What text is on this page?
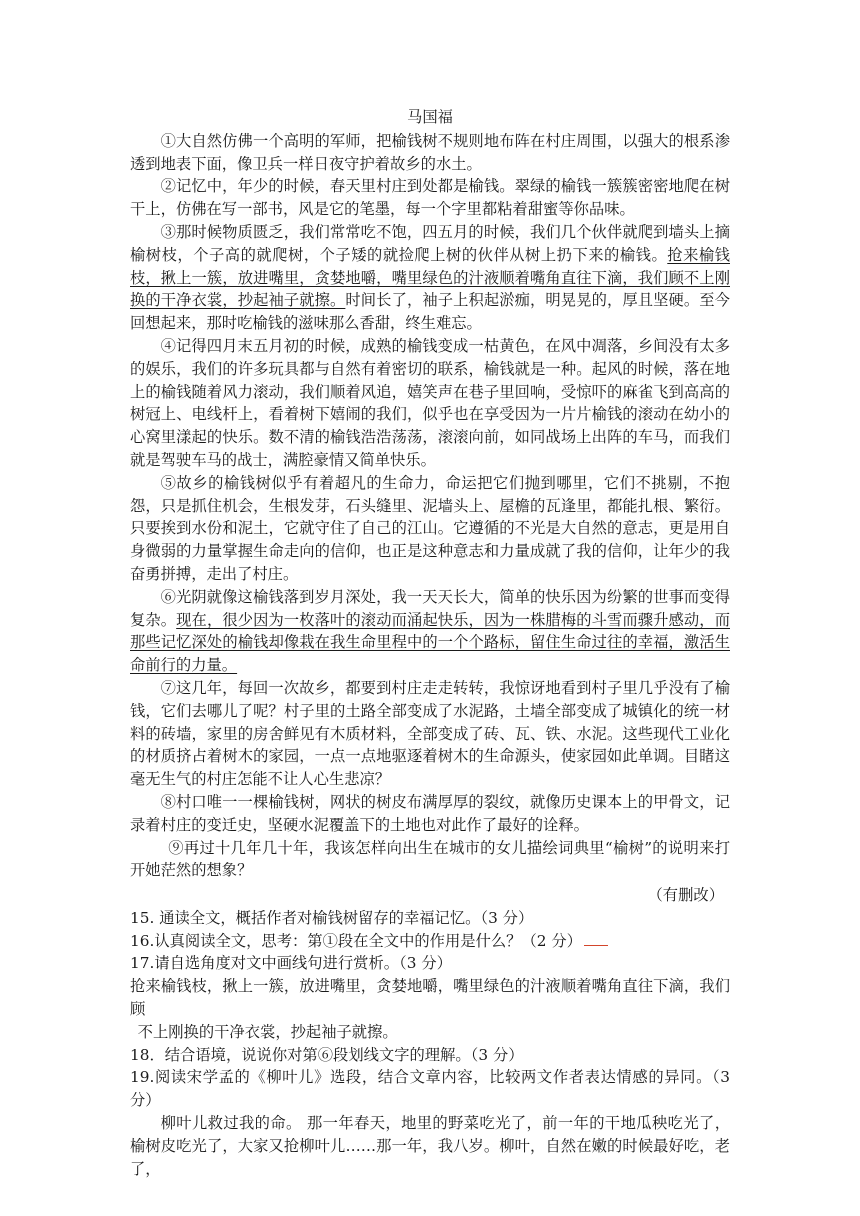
马国福

①大自然仿佛一个高明的军师，把榆钱树不规则地布阵在村庄周围，以强大的根系渗透到地表下面，像卫兵一样日夜守护着故乡的水土。

②记忆中，年少的时候，春天里村庄到处都是榆钱。翠绿的榆钱一簇簇密密地爬在树干上，仿佛在写一部书，风是它的笔墨，每一个字里都粘着甜蜜等你品味。

③那时候物质匮乏，我们常常吃不饱，四五月的时候，我们几个伙伴就爬到墙头上摘榆树枝，个子高的就爬树，个子矮的就捡爬上树的伙伴从树上扔下来的榆钱。抢来榆钱枝，揪上一簇，放进嘴里，贪婪地嚼，嘴里绿色的汁液顺着嘴角直往下滴，我们顾不上刚换的干净衣裳，抄起袖子就擦。时间长了，袖子上积起淤痂，明晃晃的，厚且坚硬。至今回想起来，那时吃榆钱的滋味那么香甜，终生难忘。

④记得四月末五月初的时候，成熟的榆钱变成一枯黄色，在风中凋落，乡间没有太多的娱乐，我们的许多玩具都与自然有着密切的联系，榆钱就是一种。起风的时候，落在地上的榆钱随着风力滚动，我们顺着风追，嬉笑声在巷子里回响，受惊吓的麻雀飞到高高的树冠上、电线杆上，看着树下嬉闹的我们，似乎也在享受因为一片片榆钱的滚动在幼小的心窝里漾起的快乐。数不清的榆钱浩浩荡荡，滚滚向前，如同战场上出阵的车马，而我们就是驾驶车马的战士，满腔豪情又简单快乐。

⑤故乡的榆钱树似乎有着超凡的生命力，命运把它们抛到哪里，它们不挑剔，不抱怨，只是抓住机会，生根发芽，石头缝里、泥墙头上、屋檐的瓦逢里，都能扎根、繁衍。只要挨到水份和泥土，它就守住了自己的江山。它遵循的不光是大自然的意志，更是用自身微弱的力量掌握生命走向的信仰，也正是这种意志和力量成就了我的信仰，让年少的我奋勇拼搏，走出了村庄。

⑥光阴就像这榆钱落到岁月深处，我一天天长大，简单的快乐因为纷繁的世事而变得复杂。现在，很少因为一枚落叶的滚动而涌起快乐，因为一株腊梅的斗雪而骤升感动，而那些记忆深处的榆钱却像栽在我生命里程中的一个个路标，留住生命过往的幸福，激活生命前行的力量。

⑦这几年，每回一次故乡，都要到村庄走走转转，我惊讶地看到村子里几乎没有了榆钱，它们去哪儿了呢？村子里的土路全部变成了水泥路，土墙全部变成了城镇化的统一材料的砖墙，家里的房舍鲜见有木质材料，全部变成了砖、瓦、铁、水泥。这些现代工业化的材质挤占着树木的家园，一点一点地驱逐着树木的生命源头，使家园如此单调。目睹这毫无生气的村庄怎能不让人心生悲凉？

⑧村口唯一一棵榆钱树，网状的树皮布满厚厚的裂纹，就像历史课本上的甲骨文，记录着村庄的变迁史，坚硬水泥覆盖下的土地也对此作了最好的诠释。

⑨再过十几年几十年，我该怎样向出生在城市的女儿描绘词典里“榆树”的说明来打开她茫然的想象？

（有删改）

15. 通读全文，概括作者对榆钱树留存的幸福记忆。（3 分）

16.认真阅读全文，思考：第①段在全文中的作用是什么？（2 分）

17.请自选角度对文中画线句进行赏析。（3 分）

抢来榆钱枝，揪上一簇，放进嘴里，贪婪地嚼，嘴里绿色的汁液顺着嘴角直往下滴，我们顾
不上刚换的干净衣裳，抄起袖子就擦。

18．结合语境，说说你对第⑥段划线文字的理解。（3 分）

19.阅读宋学孟的《柳叶儿》选段，结合文章内容，比较两文作者表达情感的异同。（3 分）

柳叶儿救过我的命。 那一年春天，地里的野菜吃光了，前一年的干地瓜秧吃光了，榆树皮吃光了，大家又抢柳叶儿……那一年，我八岁。柳叶，自然在嫩的时候最好吃，老了，
